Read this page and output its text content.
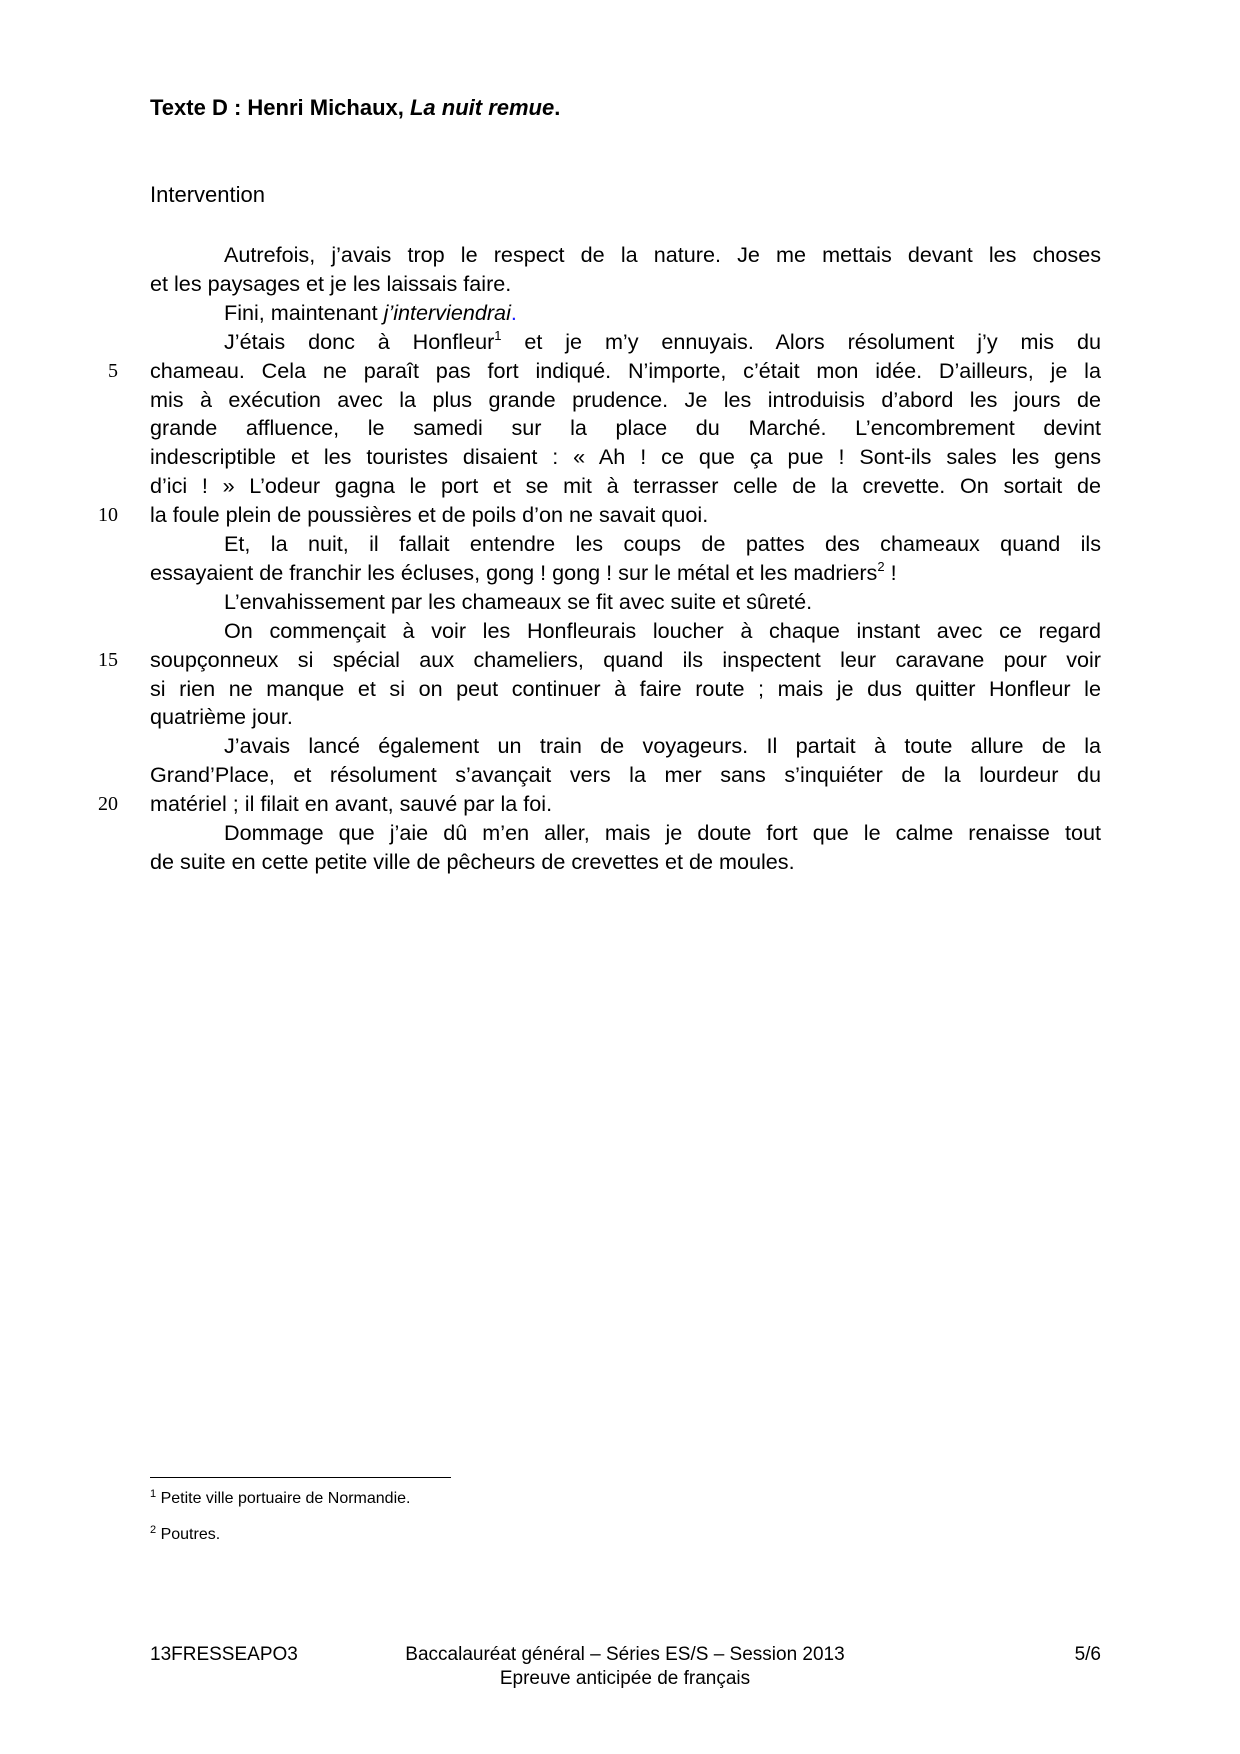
Texte D : Henri Michaux, La nuit remue.
Intervention
Autrefois, j’avais trop le respect de la nature. Je me mettais devant les choses
et les paysages et je les laissais faire.
Fini, maintenant j’interviendrai.
J’étais donc à Honfleur$^1$ et je m’y ennuyais. Alors résolument j’y mis du
chameau. Cela ne paraît pas fort indiqué. N’importe, c’était mon idée. D’ailleurs, je la
5
mis à exécution avec la plus grande prudence. Je les introduisis d’abord les jours de
grande affluence, le samedi sur la place du Marché. L’encombrement devint
indescriptible et les touristes disaient : « Ah ! ce que ça pue ! Sont-ils sales les gens
d’ici ! » L’odeur gagna le port et se mit à terrasser celle de la crevette. On sortait de
la foule plein de poussières et de poils d’on ne savait quoi.
10
Et, la nuit, il fallait entendre les coups de pattes des chameaux quand ils
essayaient de franchir les écluses, gong ! gong ! sur le métal et les madriers$^2$ !
L’envahissement par les chameaux se fit avec suite et sûreté.
On commençait à voir les Honfleurais loucher à chaque instant avec ce regard
soupçonneux si spécial aux chameliers, quand ils inspectent leur caravane pour voir
15
si rien ne manque et si on peut continuer à faire route ; mais je dus quitter Honfleur le
quatrième jour.
J’avais lancé également un train de voyageurs. Il partait à toute allure de la
Grand’Place, et résolument s’avançait vers la mer sans s’inquiéter de la lourdeur du
matériel ; il filait en avant, sauvé par la foi.
20
Dommage que j’aie dû m’en aller, mais je doute fort que le calme renaisse tout
de suite en cette petite ville de pêcheurs de crevettes et de moules.
$^1$ Petite ville portuaire de Normandie.
$^2$ Poutres.
13FRESSEAPO3	Baccalauréat général – Séries ES/S – Session 2013
Epreuve anticipée de français
5/6
